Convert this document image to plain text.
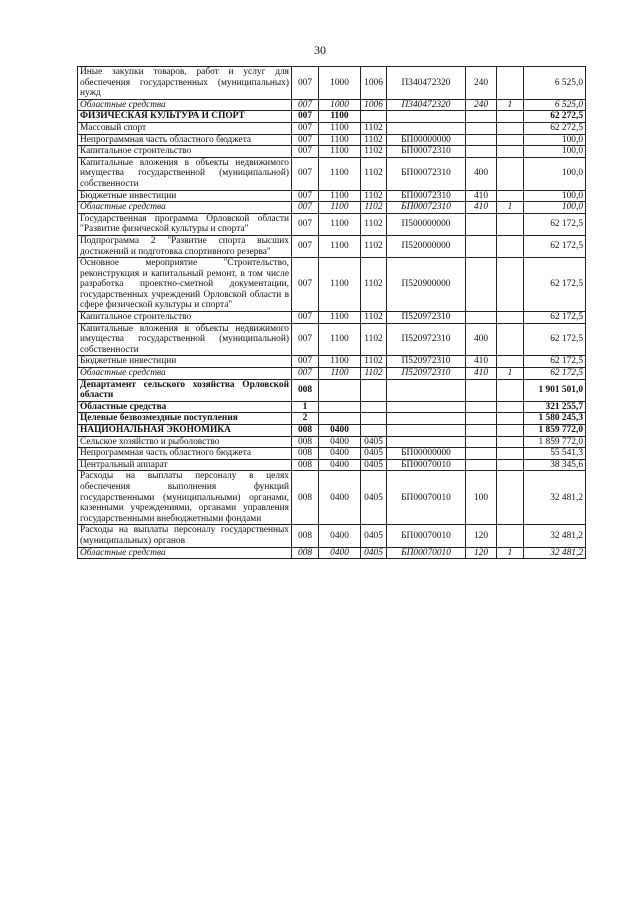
30
Иные закупки товаров, работ и услуг для обеспечения государственных (муниципальных) нужд	007	1000	1006	П340472320	240		6 525,0
Областные средства	007	1000	1006	П340472320	240	1	6 525,0
ФИЗИЧЕСКАЯ КУЛЬТУРА И СПОРТ	007	1100					62 272,5
Массовый спорт	007	1100	1102				62 272,5
Непрограммная часть областного бюджета	007	1100	1102	БП00000000			100,0
Капитальное строительство	007	1100	1102	БП00072310			100,0
Капитальные вложения в объекты недвижимого имущества государственной (муниципальной) собственности	007	1100	1102	БП00072310	400		100,0
Бюджетные инвестиции	007	1100	1102	БП00072310	410		100,0
Областные средства	007	1100	1102	БП00072310	410	1	100,0
Государственная программа Орловской области "Развитие физической культуры и спорта"	007	1100	1102	П500000000			62 172,5
Подпрограмма 2 "Развитие спорта высших достижений и подготовка спортивного резерва"	007	1100	1102	П520000000			62 172,5
Основное мероприятие "Строительство, реконструкция и капитальный ремонт, в том числе разработка проектно-сметной документации, государственных учреждений Орловской области в сфере физической культуры и спорта"	007	1100	1102	П520900000			62 172,5
Капитальное строительство	007	1100	1102	П520972310			62 172,5
Капитальные вложения в объекты недвижимого имущества государственной (муниципальной) собственности	007	1100	1102	П520972310	400		62 172,5
Бюджетные инвестиции	007	1100	1102	П520972310	410		62 172,5
Областные средства	007	1100	1102	П520972310	410	1	62 172,5
Департамент сельского хозяйства Орловской области	008						1 901 501,0
Областные средства	1						321 255,7
Целевые безвозмездные поступления	2						1 580 245,3
НАЦИОНАЛЬНАЯ ЭКОНОМИКА	008	0400					1 859 772,0
Сельское хозяйство и рыболовство	008	0400	0405				1 859 772,0
Непрограммная часть областного бюджета	008	0400	0405	БП00000000			55 541,3
Центральный аппарат	008	0400	0405	БП00070010			38 345,6
Расходы на выплаты персоналу в целях обеспечения выполнения функций государственными (муниципальными) органами, казенными учреждениями, органами управления государственными внебюджетными фондами	008	0400	0405	БП00070010	100		32 481,2
Расходы на выплаты персоналу государственных (муниципальных) органов	008	0400	0405	БП00070010	120		32 481,2
Областные средства	008	0400	0405	БП00070010	120	1	32 481,2
